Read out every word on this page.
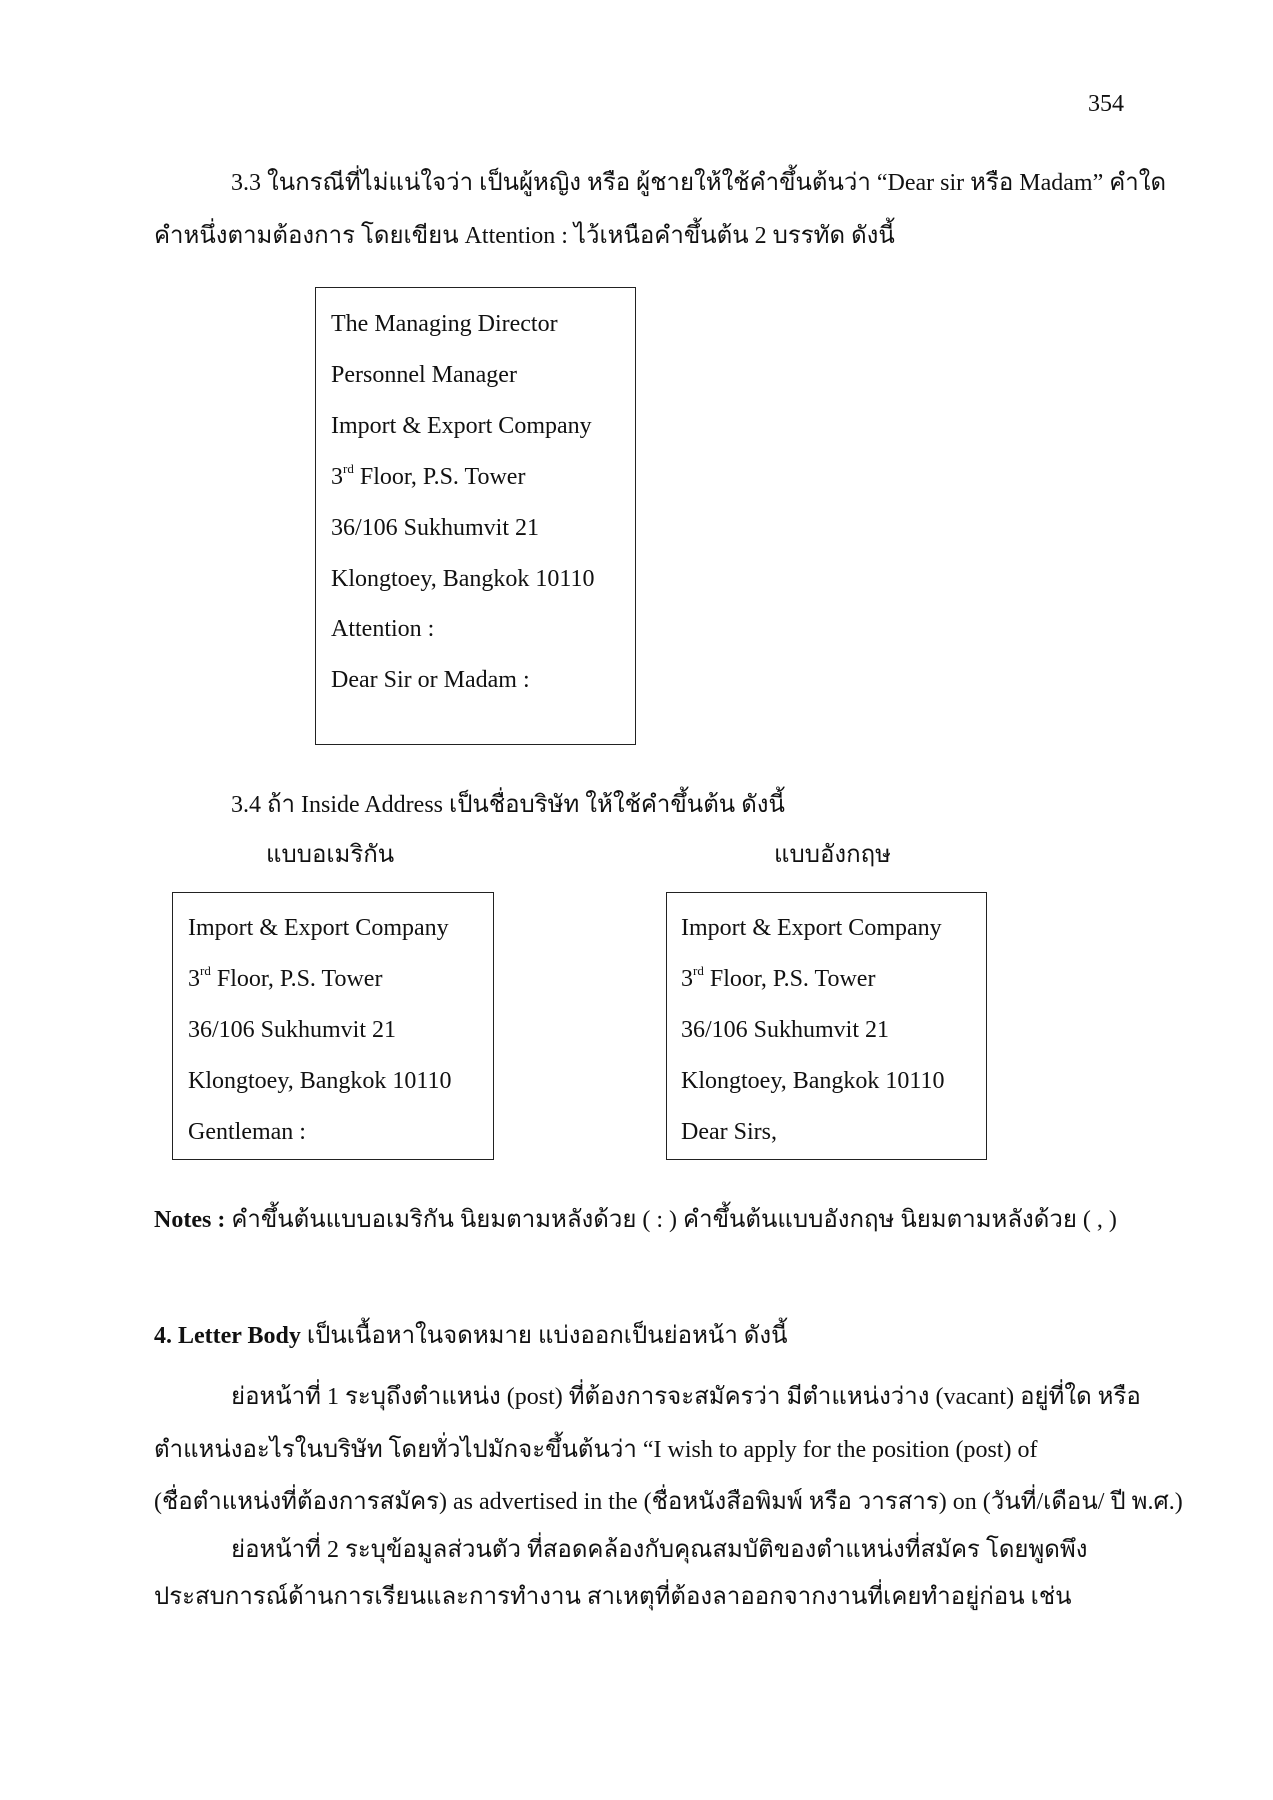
354
3.3 ในกรณีที่ไม่แน่ใจว่า เป็นผู้หญิง หรือ ผู้ชายให้ใช้คำขึ้นต้นว่า “Dear sir หรือ Madam” คำใด
คำหนึ่งตามต้องการ โดยเขียน Attention : ไว้เหนือคำขึ้นต้น 2 บรรทัด ดังนี้
The Managing Director
Personnel Manager
Import & Export Company
3rd Floor, P.S. Tower
36/106 Sukhumvit 21
Klongtoey, Bangkok 10110
Attention :
Dear Sir or Madam :
3.4 ถ้า Inside Address เป็นชื่อบริษัท ให้ใช้คำขึ้นต้น ดังนี้
แบบอเมริกัน	แบบอังกฤษ
Import & Export Company
3rd Floor, P.S. Tower
36/106 Sukhumvit 21
Klongtoey, Bangkok 10110
Gentleman :
Import & Export Company
3rd Floor, P.S. Tower
36/106 Sukhumvit 21
Klongtoey, Bangkok 10110
Dear Sirs,
Notes : คำขึ้นต้นแบบอเมริกัน นิยมตามหลังด้วย ( : ) คำขึ้นต้นแบบอังกฤษ นิยมตามหลังด้วย ( , )
4. Letter Body เป็นเนื้อหาในจดหมาย แบ่งออกเป็นย่อหน้า ดังนี้
ย่อหน้าที่ 1 ระบุถึงตำแหน่ง (post) ที่ต้องการจะสมัครว่า มีตำแหน่งว่าง (vacant) อยู่ที่ใด หรือ
ตำแหน่งอะไรในบริษัท โดยทั่วไปมักจะขึ้นต้นว่า “I wish to apply for the position (post) of
(ชื่อตำแหน่งที่ต้องการสมัคร) as advertised in the (ชื่อหนังสือพิมพ์ หรือ วารสาร) on (วันที่/เดือน/ ปี พ.ศ.)
ย่อหน้าที่ 2 ระบุข้อมูลส่วนตัว ที่สอดคล้องกับคุณสมบัติของตำแหน่งที่สมัคร โดยพูดพึง
ประสบการณ์ด้านการเรียนและการทำงาน สาเหตุที่ต้องลาออกจากงานที่เคยทำอยู่ก่อน เช่น
